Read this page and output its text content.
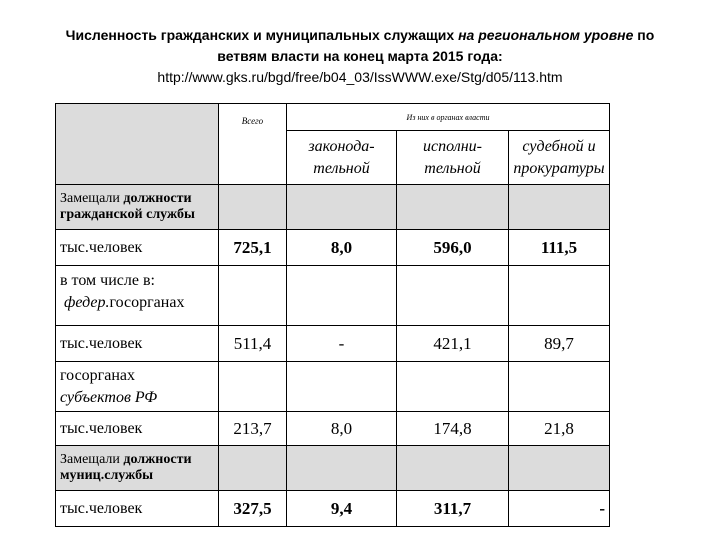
Численность гражданских и муниципальных служащих на региональном уровне по
ветвям власти на конец марта 2015 года:
http://www.gks.ru/bgd/free/b04_03/IssWWW.exe/Stg/d05/113.htm
	Всего	Из них в органах власти		
		законода-тельной	исполни-тельной	судебной и прокуратуры
Замещали должности гражданской службы				
тыс.человек	725,1	8,0	596,0	111,5

в том числе в:
федер.госорганах				

тыс.человек	511,4	-	421,1	89,7

госорганах
субъектов РФ				

тыс.человек	213,7	8,0	174,8	21,8
Замещали должности муниц.службы				
тыс.человек	327,5	9,4	311,7	-
